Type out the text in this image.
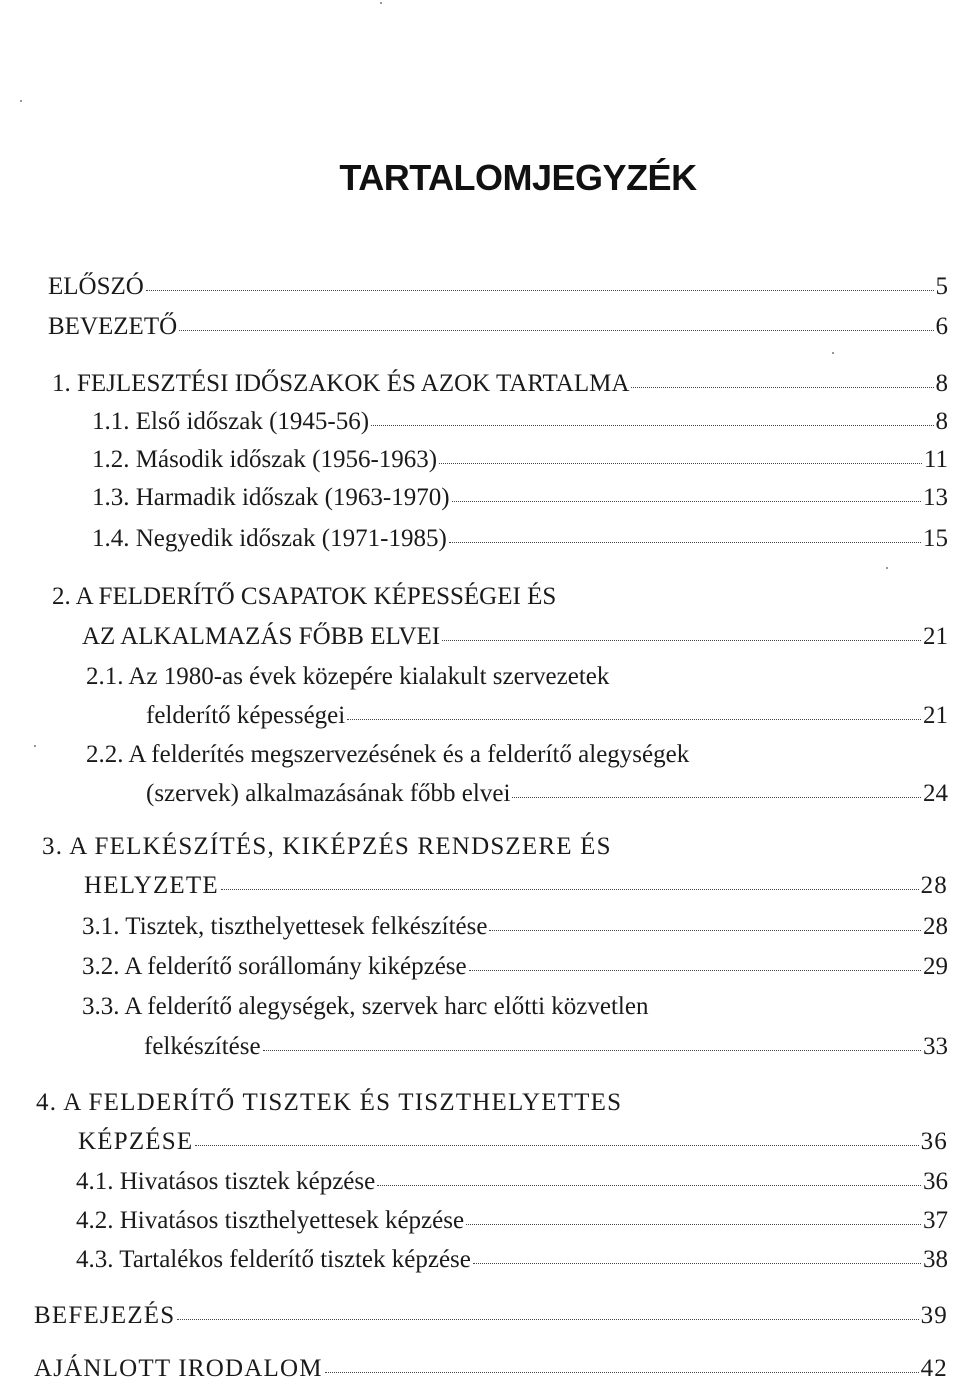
TARTALOMJEGYZÉK
ELŐSZÓ	5
BEVEZETŐ	6
1. FEJLESZTÉSI IDŐSZAKOK ÉS AZOK TARTALMA	8
1.1. Első időszak (1945-56)	8
1.2. Második időszak (1956-1963)	11
1.3. Harmadik időszak (1963-1970)	13
1.4. Negyedik időszak (1971-1985)	15
2. A FELDERÍTŐ CSAPATOK KÉPESSÉGEI ÉS
AZ ALKALMAZÁS FŐBB ELVEI	21
2.1. Az 1980-as évek közepére kialakult szervezetek
felderítő képességei	21
2.2. A felderítés megszervezésének és a felderítő alegységek
(szervek) alkalmazásának főbb elvei	24
3. A FELKÉSZÍTÉS, KIKÉPZÉS RENDSZERE ÉS
HELYZETE	28
3.1. Tisztek, tiszthelyettesek felkészítése	28
3.2. A felderítő sorállomány kiképzése	29
3.3. A felderítő alegységek, szervek harc előtti közvetlen
felkészítése	33
4. A FELDERÍTŐ TISZTEK ÉS TISZTHELYETTES
KÉPZÉSE	36
4.1. Hivatásos tisztek képzése	36
4.2. Hivatásos tiszthelyettesek képzése	37
4.3. Tartalékos felderítő tisztek képzése	38
BEFEJEZÉS	39
AJÁNLOTT IRODALOM	42
